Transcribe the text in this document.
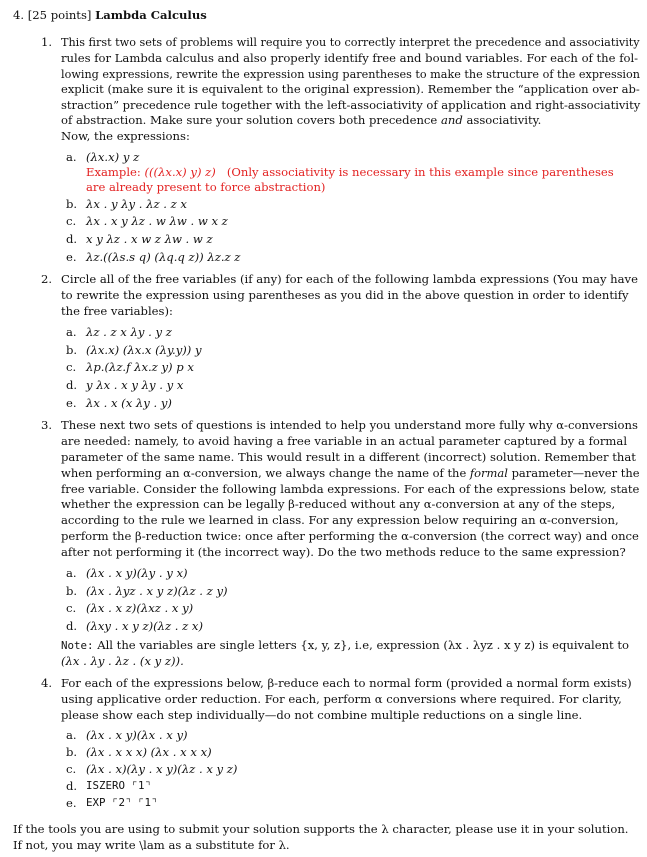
4. [25 points] Lambda Calculus
1. This first two sets of problems will require you to correctly interpret the precedence and associativity
rules for Lambda calculus and also properly identify free and bound variables. For each of the fol-
lowing expressions, rewrite the expression using parentheses to make the structure of the expression
explicit (make sure it is equivalent to the original expression). Remember the “application over ab-
straction” precedence rule together with the left-associativity of application and right-associativity
of abstraction. Make sure your solution covers both precedence and associativity.
Now, the expressions:
a. (λx.x) y z
Example: (((λx.x) y) z) (Only associativity is necessary in this example since parentheses
are already present to force abstraction)
b. λx . y λy . λz . z x
c. λx . x y λz . w λw . w x z
d. x y λz . x w z λw . w z
e. λz.((λs.s q) (λq.q z)) λz.z z
2. Circle all of the free variables (if any) for each of the following lambda expressions (You may have
to rewrite the expression using parentheses as you did in the above question in order to identify
the free variables):
a. λz . z x λy . y z
b. (λx.x) (λx.x (λy.y)) y
c. λp.(λz.f λx.z y) p x
d. y λx . x y λy . y x
e. λx . x (x λy . y)
3. These next two sets of questions is intended to help you understand more fully why α-conversions
are needed: namely, to avoid having a free variable in an actual parameter captured by a formal
parameter of the same name. This would result in a different (incorrect) solution. Remember that
when performing an α-conversion, we always change the name of the formal parameter—never the
free variable. Consider the following lambda expressions. For each of the expressions below, state
whether the expression can be legally β-reduced without any α-conversion at any of the steps,
according to the rule we learned in class. For any expression below requiring an α-conversion,
perform the β-reduction twice: once after performing the α-conversion (the correct way) and once
after not performing it (the incorrect way). Do the two methods reduce to the same expression?
a. (λx . x y)(λy . y x)
b. (λx . λyz . x y z)(λz . z y)
c. (λx . x z)(λxz . x y)
d. (λxy . x y z)(λz . z x)
Note: All the variables are single letters {x, y, z}, i.e, expression (λx . λyz . x y z) is equivalent to
(λx . λy . λz . (x y z)).
4. For each of the expressions below, β-reduce each to normal form (provided a normal form exists)
using applicative order reduction. For each, perform α conversions where required. For clarity,
please show each step individually—do not combine multiple reductions on a single line.
a. (λx . x y)(λx . x y)
b. (λx . x x x) (λx . x x x)
c. (λx . x)(λy . x y)(λz . x y z)
d. ISZERO ⌜1⌝
e. EXP ⌜2⌝ ⌜1⌝
If the tools you are using to submit your solution supports the λ character, please use it in your solution.
If not, you may write \lam as a substitute for λ.
